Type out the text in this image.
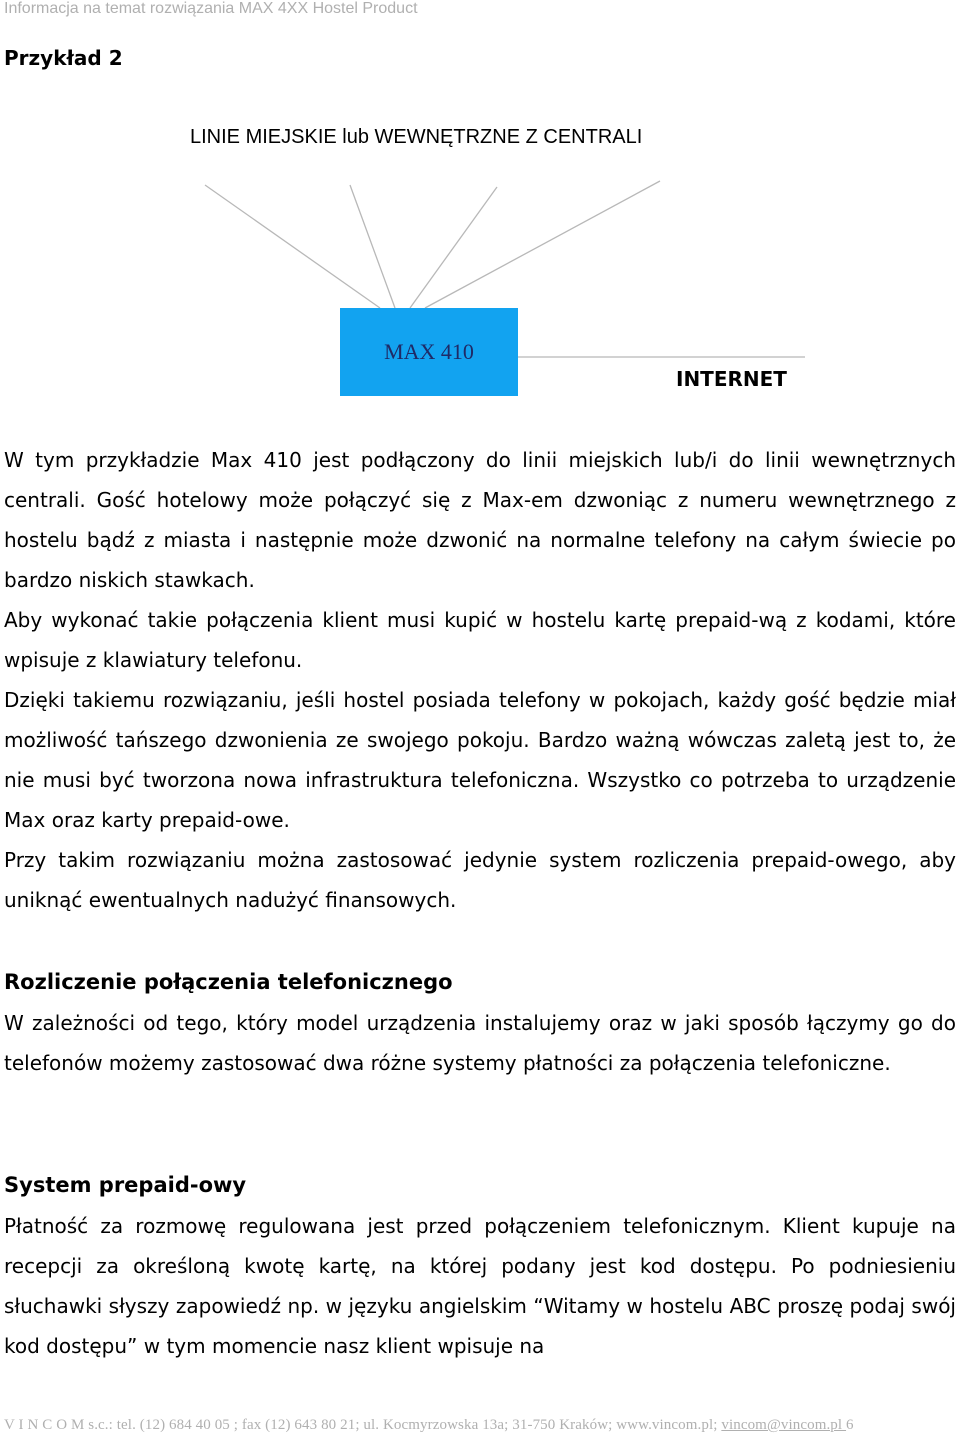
Informacja na temat rozwiązania MAX 4XX Hostel Product
Przykład 2
LINIE MIEJSKIE lub WEWNĘTRZNE Z CENTRALI
MAX 410
INTERNET

W tym przykładzie Max 410 jest podłączony do linii miejskich lub/i do linii wewnętrznych centrali. Gość hotelowy może połączyć się z Max-em dzwoniąc z numeru wewnętrznego z hostelu bądź z miasta i następnie może dzwonić na normalne telefony na całym świecie po bardzo niskich stawkach.

Aby wykonać takie połączenia klient musi kupić w hostelu kartę prepaid-wą z kodami, które wpisuje z klawiatury telefonu.

Dzięki takiemu rozwiązaniu, jeśli hostel posiada telefony w pokojach, każdy gość będzie miał możliwość tańszego dzwonienia ze swojego pokoju. Bardzo ważną wówczas zaletą jest to, że nie musi być tworzona nowa infrastruktura telefoniczna. Wszystko co potrzeba to urządzenie Max oraz karty prepaid-owe.

Przy takim rozwiązaniu można zastosować jedynie system rozliczenia prepaid-owego, aby uniknąć ewentualnych nadużyć finansowych.

Rozliczenie połączenia telefonicznego

W zależności od tego, który model urządzenia instalujemy oraz w jaki sposób łączymy go do telefonów możemy zastosować dwa różne systemy płatności za połączenia telefoniczne.

System prepaid-owy

Płatność za rozmowę regulowana jest przed połączeniem telefonicznym. Klient kupuje na recepcji za określoną kwotę kartę, na której podany jest kod dostępu. Po podniesieniu słuchawki słyszy zapowiedź np. w języku angielskim “Witamy w hostelu ABC proszę podaj swój kod dostępu” w tym momencie nasz klient wpisuje na

V I N C O M s.c.: tel. (12) 684 40 05 ; fax (12) 643 80 21; ul. Kocmyrzowska 13a; 31-750 Kraków; www.vincom.pl; vincom@vincom.pl 6
